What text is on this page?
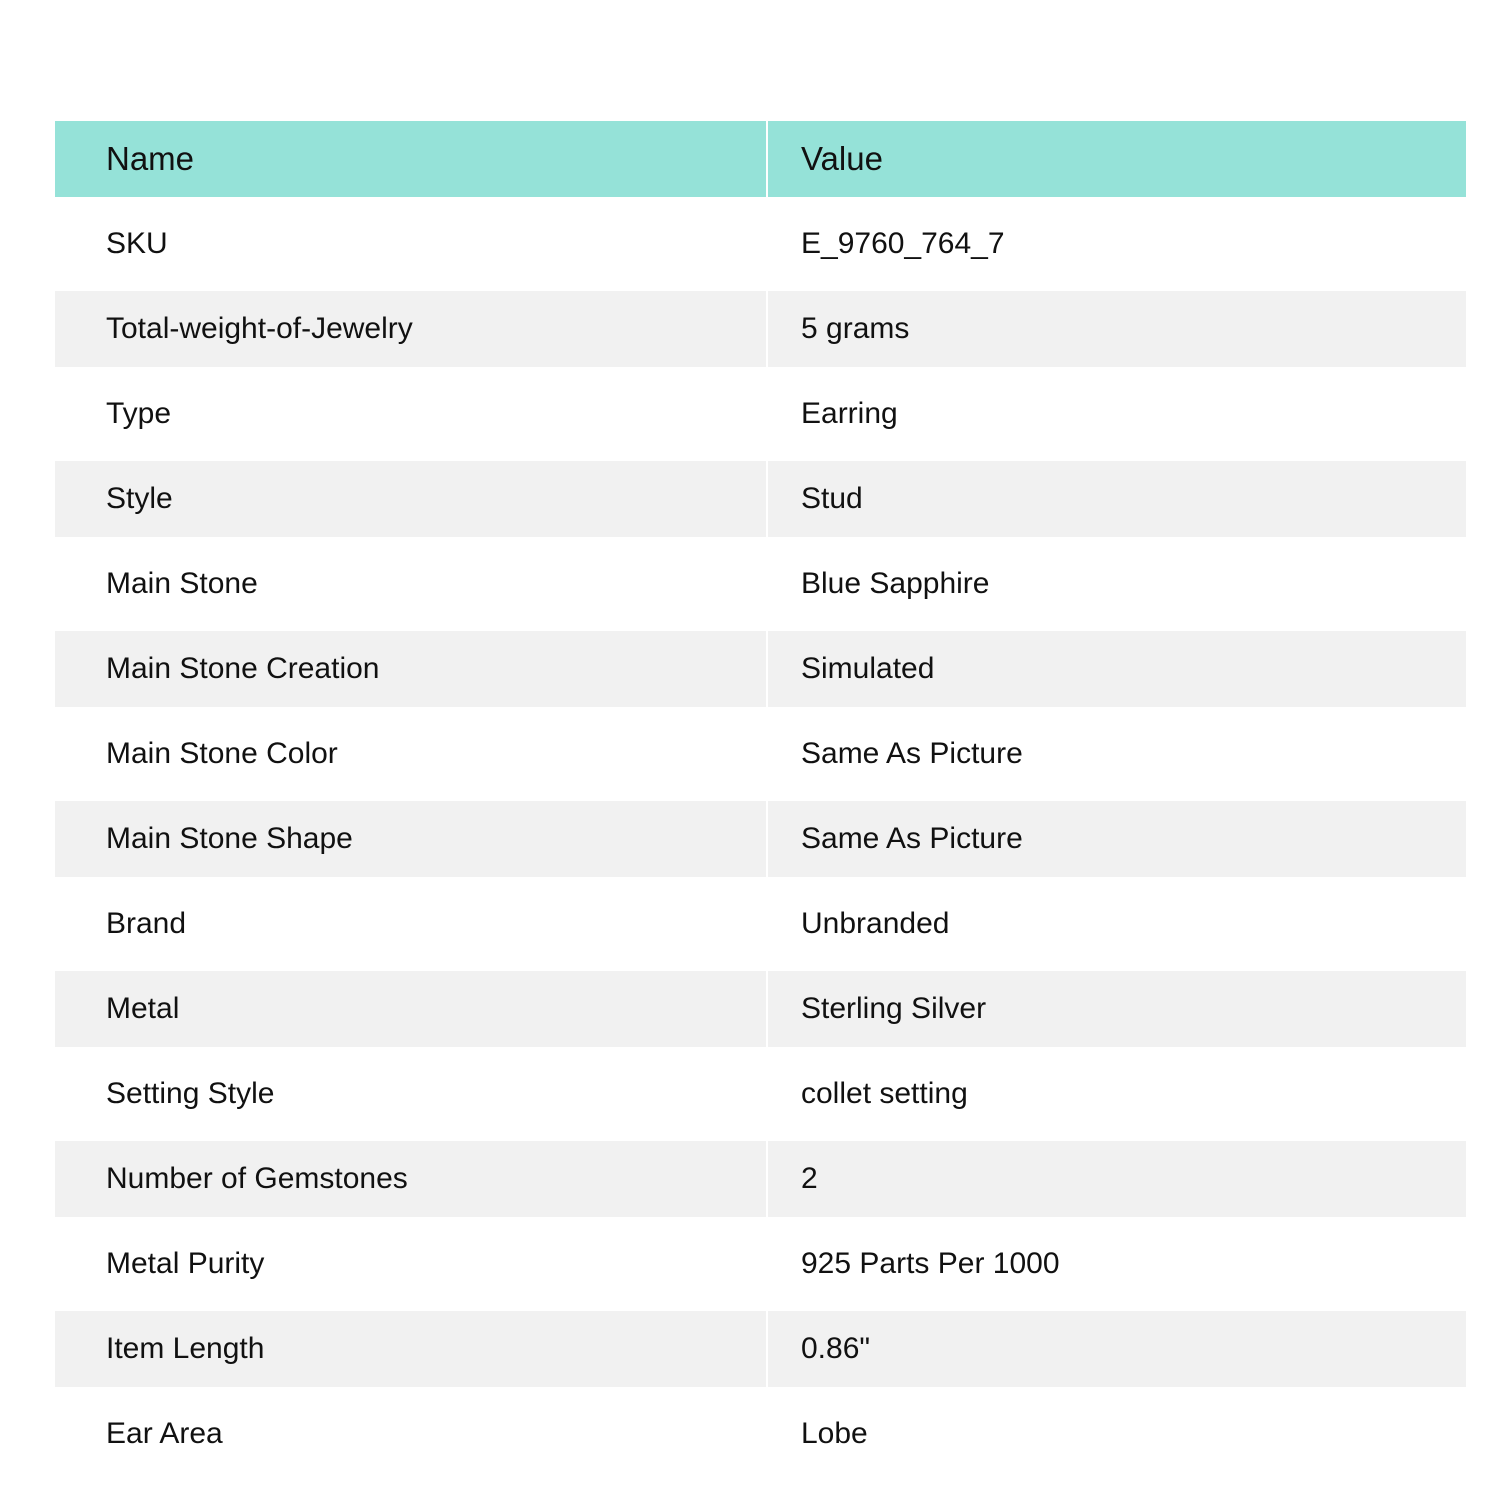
Name	Value
SKU	E_9760_764_7
Total-weight-of-Jewelry	5 grams
Type	Earring
Style	Stud
Main Stone	Blue Sapphire
Main Stone Creation	Simulated
Main Stone Color	Same As Picture
Main Stone Shape	Same As Picture
Brand	Unbranded
Metal	Sterling Silver
Setting Style	collet setting
Number of Gemstones	2
Metal Purity	925 Parts Per 1000
Item Length	0.86"
Ear Area	Lobe
